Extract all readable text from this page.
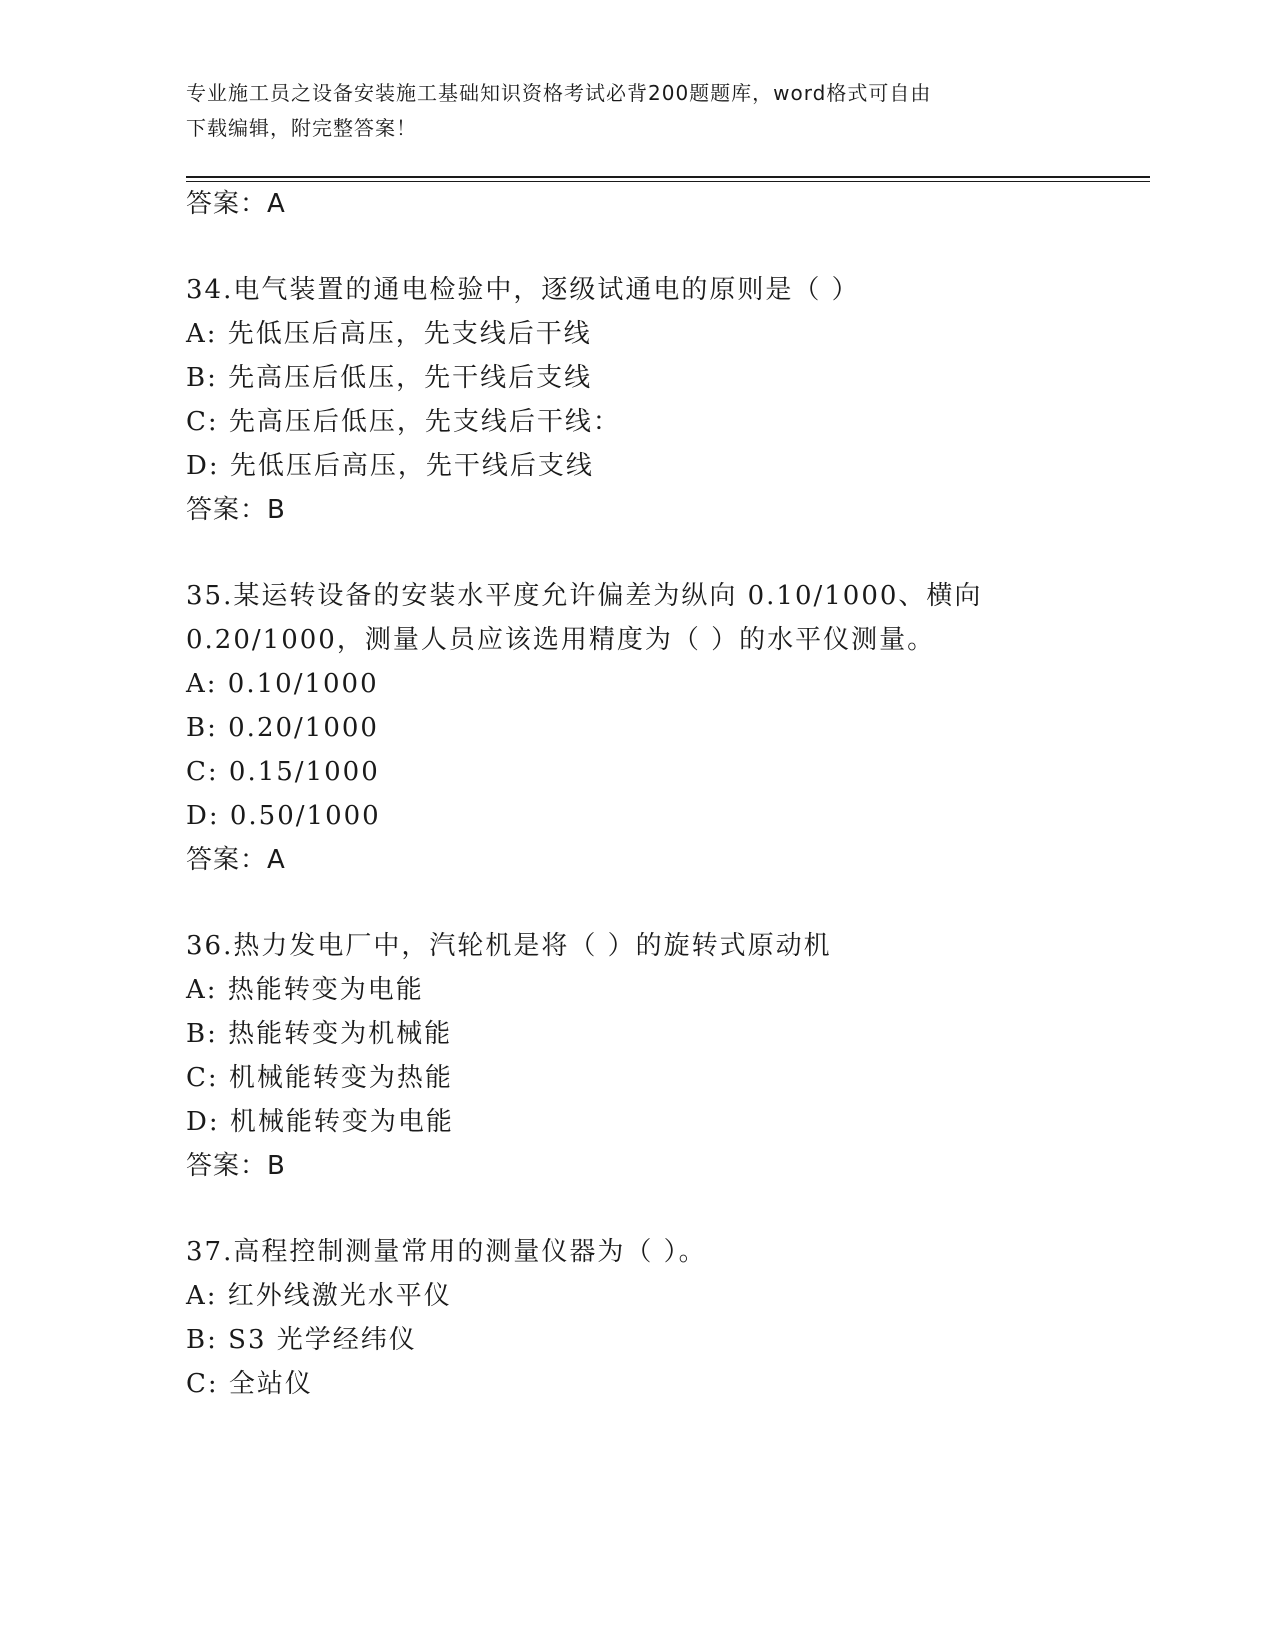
专业施工员之设备安装施工基础知识资格考试必背200题题库，word格式可自由
下载编辑，附完整答案！
答案：A
34.电气装置的通电检验中，逐级试通电的原则是（ ）
A: 先低压后高压，先支线后干线
B: 先高压后低压，先干线后支线
C: 先高压后低压，先支线后干线：
D: 先低压后高压，先干线后支线
答案：B
35.某运转设备的安装水平度允许偏差为纵向 0.10/1000、横向
0.20/1000，测量人员应该选用精度为（ ）的水平仪测量。
A: 0.10/1000
B: 0.20/1000
C: 0.15/1000
D: 0.50/1000
答案：A
36.热力发电厂中，汽轮机是将（ ）的旋转式原动机
A: 热能转变为电能
B: 热能转变为机械能
C: 机械能转变为热能
D: 机械能转变为电能
答案：B
37.高程控制测量常用的测量仪器为（ ）。
A: 红外线激光水平仪
B: S3 光学经纬仪
C: 全站仪
